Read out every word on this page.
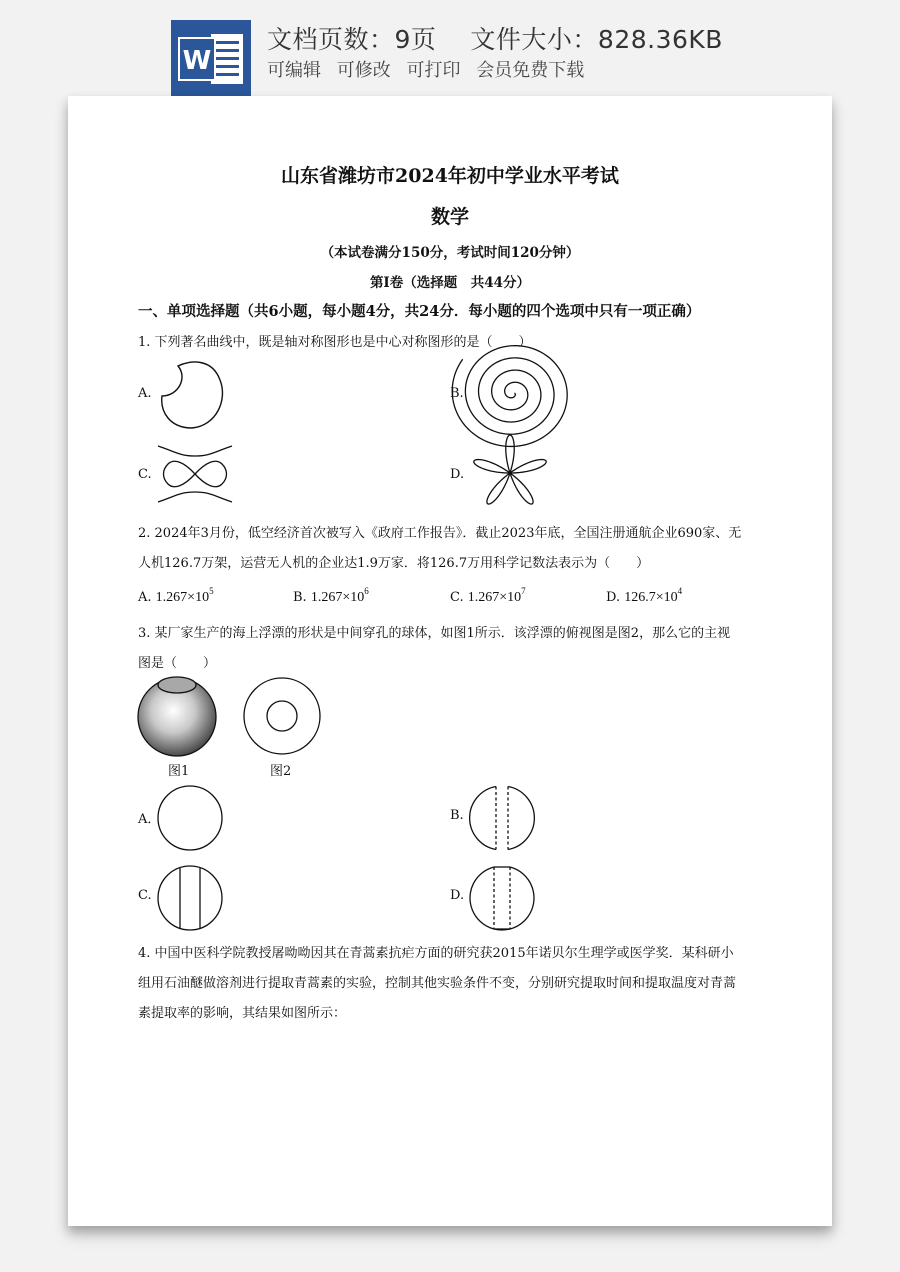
W
文档页数：9页 文件大小：828.36KB
可编辑 可修改 可打印 会员免费下载
山东省潍坊市2024年初中学业水平考试
数学
（本试卷满分150分，考试时间120分钟）
第Ⅰ卷（选择题　共44分）
一、单项选择题（共6小题，每小题4分，共24分．每小题的四个选项中只有一项正确）
1. 下列著名曲线中，既是轴对称图形也是中心对称图形的是（　　）
A.	B.
C.	D.
2. 2024年3月份，低空经济首次被写入《政府工作报告》．截止2023年底，全国注册通航企业690家、无
人机126.7万架，运营无人机的企业达1.9万家．将126.7万用科学记数法表示为（　　）
A. $1.267\times 10^5$	B. $1.267\times 10^6$	C. $1.267\times 10^7$	D. $126.7\times 10^4$
3. 某厂家生产的海上浮漂的形状是中间穿孔的球体，如图1所示．该浮漂的俯视图是图2，那么它的主视
图是（　　）
图1	图2
A．	B.
C.	D.
4. 中国中医科学院教授屠呦呦因其在青蒿素抗疟方面的研究获2015年诺贝尔生理学或医学奖．某科研小
组用石油醚做溶剂进行提取青蒿素的实验，控制其他实验条件不变，分别研究提取时间和提取温度对青蒿
素提取率的影响，其结果如图所示：
